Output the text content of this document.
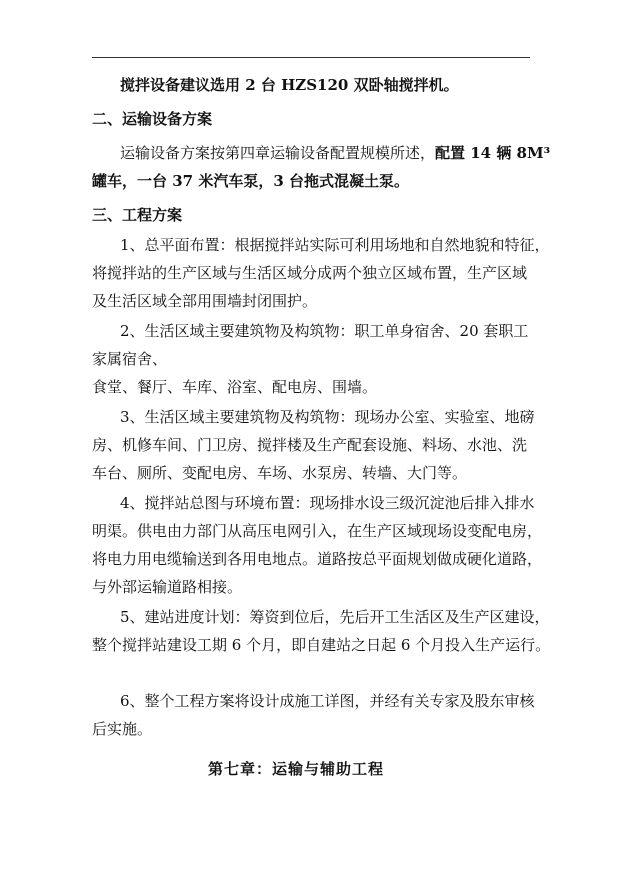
搅拌设备建议选用 2 台 HZS120 双卧轴搅拌机。
二、运输设备方案
运输设备方案按第四章运输设备配置规模所述，配置 14 辆 8M³
罐车，一台 37 米汽车泵，3 台拖式混凝土泵。
三、工程方案
1、总平面布置：根据搅拌站实际可利用场地和自然地貌和特征，
将搅拌站的生产区域与生活区域分成两个独立区域布置，生产区域
及生活区域全部用围墙封闭围护。
2、生活区域主要建筑物及构筑物：职工单身宿舍、20 套职工
家属宿舍、
食堂、餐厅、车库、浴室、配电房、围墙。
3、生活区域主要建筑物及构筑物：现场办公室、实验室、地磅
房、机修车间、门卫房、搅拌楼及生产配套设施、料场、水池、洗
车台、厕所、变配电房、车场、水泵房、转墙、大门等。
4、搅拌站总图与环境布置：现场排水设三级沉淀池后排入排水
明渠。供电由力部门从高压电网引入，在生产区域现场设变配电房，
将电力用电缆输送到各用电地点。道路按总平面规划做成硬化道路，
与外部运输道路相接。
5、建站进度计划：筹资到位后，先后开工生活区及生产区建设，
整个搅拌站建设工期 6 个月，即自建站之日起 6 个月投入生产运行。
6、整个工程方案将设计成施工详图，并经有关专家及股东审核
后实施。
第七章：运输与辅助工程
